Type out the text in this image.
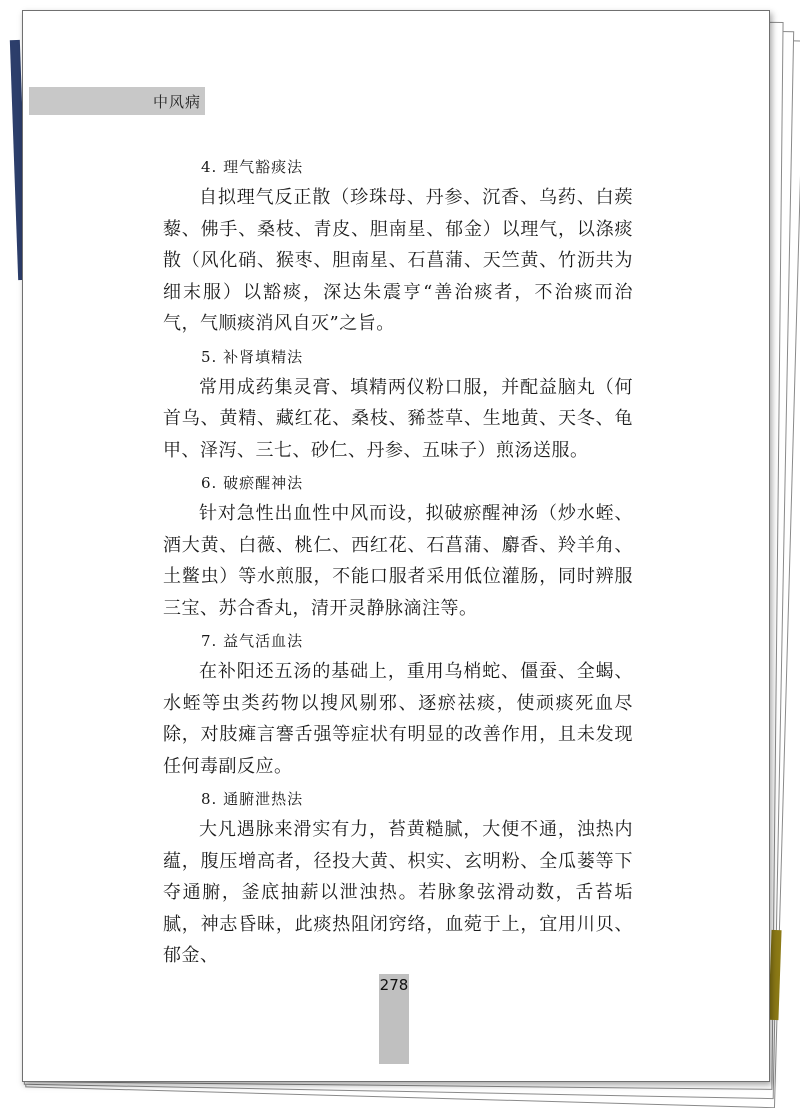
中风病
4. 理气豁痰法

自拟理气反正散（珍珠母、丹参、沉香、乌药、白蒺藜、佛手、桑枝、青皮、胆南星、郁金）以理气，以涤痰散（风化硝、猴枣、胆南星、石菖蒲、天竺黄、竹沥共为细末服）以豁痰，深达朱震亨“善治痰者，不治痰而治气，气顺痰消风自灭”之旨。

5. 补肾填精法

常用成药集灵膏、填精两仪粉口服，并配益脑丸（何首乌、黄精、藏红花、桑枝、豨莶草、生地黄、天冬、龟甲、泽泻、三七、砂仁、丹参、五味子）煎汤送服。

6. 破瘀醒神法

针对急性出血性中风而设，拟破瘀醒神汤（炒水蛭、酒大黄、白薇、桃仁、西红花、石菖蒲、麝香、羚羊角、土鳖虫）等水煎服，不能口服者采用低位灌肠，同时辨服三宝、苏合香丸，清开灵静脉滴注等。

7. 益气活血法

在补阳还五汤的基础上，重用乌梢蛇、僵蚕、全蝎、水蛭等虫类药物以搜风剔邪、逐瘀祛痰，使顽痰死血尽除，对肢瘫言謇舌强等症状有明显的改善作用，且未发现任何毒副反应。

8. 通腑泄热法

大凡遇脉来滑实有力，苔黄糙腻，大便不通，浊热内蕴，腹压增高者，径投大黄、枳实、玄明粉、全瓜蒌等下夺通腑，釜底抽薪以泄浊热。若脉象弦滑动数，舌苔垢腻，神志昏昧，此痰热阻闭窍络，血菀于上，宜用川贝、郁金、

278
